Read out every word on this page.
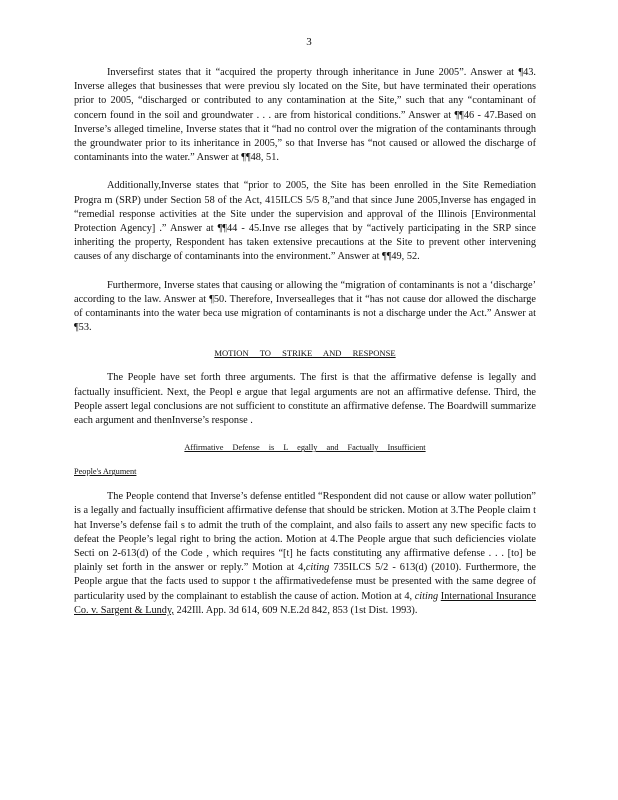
3

Inversefirst states that it “acquired the property through inheritance in June 2005”. Answer at ¶43. Inverse alleges that businesses that were previou sly located on the Site, but have terminated their operations prior to 2005, “discharged or contributed to any contamination at the Site,” such that any “contaminant of concern found in the soil and groundwater . . . are from historical conditions.” Answer at ¶¶46 - 47.Based on Inverse’s alleged timeline, Inverse states that it “had no control over the migration of the contaminants through the groundwater prior to its inheritance in 2005,” so that Inverse has “not caused or allowed the discharge of contaminants into the water.” Answer at ¶¶48, 51.

Additionally,Inverse states that “prior to 2005, the Site has been enrolled in the Site Remediation Progra m (SRP) under Section 58 of the Act, 415ILCS 5/5 8,”and that since June 2005,Inverse has engaged in “remedial response activities at the Site under the supervision and approval of the Illinois [Environmental Protection Agency] .” Answer at ¶¶44 - 45.Inve rse alleges that by “actively participating in the SRP since inheriting the property, Respondent has taken extensive precautions at the Site to prevent other intervening causes of any discharge of contaminants into the environment.” Answer at ¶¶49, 52.

Furthermore, Inverse states that causing or allowing the “migration of contaminants is not a ‘discharge’ according to the law. Answer at ¶50. Therefore, Inversealleges that it “has not cause dor allowed the discharge of contaminants into the water beca use migration of contaminants is not a discharge under the Act.” Answer at ¶53.

MOTION TO STRIKE AND RESPONSE

The People have set forth three arguments. The first is that the affirmative defense is legally and factually insufficient. Next, the Peopl e argue that legal arguments are not an affirmative defense. Third, the People assert legal conclusions are not sufficient to constitute an affirmative defense. The Boardwill summarize each argument and thenInverse’s response .

Affirmative Defense is L egally and Factually Insufficient

People's Argument

The People contend that Inverse’s defense entitled “Respondent did not cause or allow water pollution” is a legally and factually insufficient affirmative defense that should be stricken. Motion at 3.The People claim t hat Inverse’s defense fail s to admit the truth of the complaint, and also fails to assert any new specific facts to defeat the People’s legal right to bring the action. Motion at 4.The People argue that such deficiencies violate Secti on 2-613(d) of the Code , which requires “[t] he facts constituting any affirmative defense . . . [to] be plainly set forth in the answer or reply.” Motion at 4,citing 735ILCS 5/2 - 613(d) (2010). Furthermore, the People argue that the facts used to suppor t the affirmativedefense must be presented with the same degree of particularity used by the complainant to establish the cause of action. Motion at 4, citing International Insurance Co. v. Sargent & Lundy, 242Ill. App. 3d 614, 609 N.E.2d 842, 853 (1st Dist. 1993).
